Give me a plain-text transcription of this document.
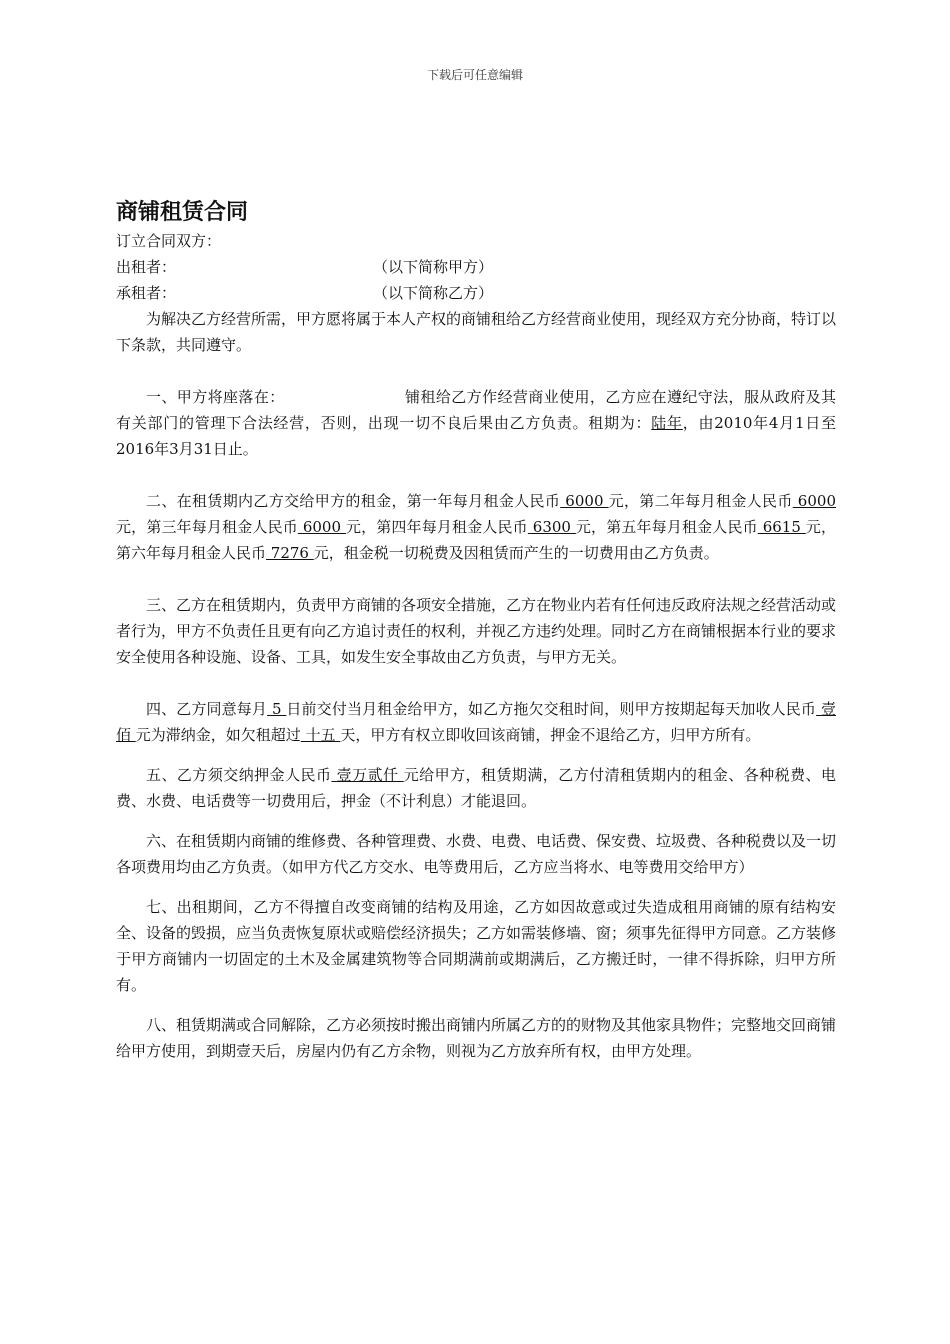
下载后可任意编辑
商铺租赁合同

订立合同双方：

出租者：	（以下简称甲方）
承租者：	（以下简称乙方）

为解决乙方经营所需，甲方愿将属于本人产权的商铺租给乙方经营商业使用，现经双方充分协商，特订以下条款，共同遵守。

一、甲方将座落在：	铺租给乙方作经营商业使用，乙方应在遵纪守法，服从政府及其有关部门的管理下合法经营，否则，出现一切不良后果由乙方负责。租期为：陆年，由2010年4月1日至2016年3月31日止。

二、在租赁期内乙方交给甲方的租金，第一年每月租金人民币 6000 元，第二年每月租金人民币 6000 元，第三年每月租金人民币 6000 元，第四年每月租金人民币 6300 元，第五年每月租金人民币 6615 元，第六年每月租金人民币 7276 元，租金税一切税费及因租赁而产生的一切费用由乙方负责。

三、乙方在租赁期内，负责甲方商铺的各项安全措施，乙方在物业内若有任何违反政府法规之经营活动或者行为，甲方不负责任且更有向乙方追讨责任的权利，并视乙方违约处理。同时乙方在商铺根据本行业的要求安全使用各种设施、设备、工具，如发生安全事故由乙方负责，与甲方无关。

四、乙方同意每月 5 日前交付当月租金给甲方，如乙方拖欠交租时间，则甲方按期起每天加收人民币 壹佰 元为滞纳金，如欠租超过 十五 天，甲方有权立即收回该商铺，押金不退给乙方，归甲方所有。

五、乙方须交纳押金人民币 壹万贰仟 元给甲方，租赁期满，乙方付清租赁期内的租金、各种税费、电费、水费、电话费等一切费用后，押金（不计利息）才能退回。

六、在租赁期内商铺的维修费、各种管理费、水费、电费、电话费、保安费、垃圾费、各种税费以及一切各项费用均由乙方负责。（如甲方代乙方交水、电等费用后，乙方应当将水、电等费用交给甲方）

七、出租期间，乙方不得擅自改变商铺的结构及用途，乙方如因故意或过失造成租用商铺的原有结构安全、设备的毁损，应当负责恢复原状或赔偿经济损失；乙方如需装修墙、窗；须事先征得甲方同意。乙方装修于甲方商铺内一切固定的土木及金属建筑物等合同期满前或期满后，乙方搬迁时，一律不得拆除，归甲方所有。

八、租赁期满或合同解除，乙方必须按时搬出商铺内所属乙方的的财物及其他家具物件；完整地交回商铺给甲方使用，到期壹天后，房屋内仍有乙方余物，则视为乙方放弃所有权，由甲方处理。
